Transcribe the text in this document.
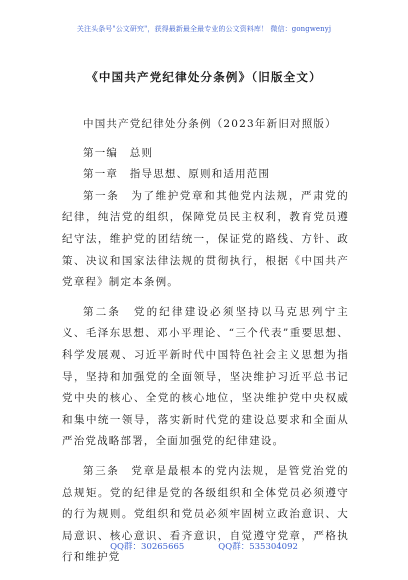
关注头条号"公文研究"，获得最新最全最专业的公文资料库！ 微信：gongwenyj
《中国共产党纪律处分条例》（旧版全文）

中国共产党纪律处分条例（2023年新旧对照版）

第一编　总则

第一章　指导思想、原则和适用范围

第一条　为了维护党章和其他党内法规，严肃党的纪律，纯洁党的组织，保障党员民主权利，教育党员遵纪守法，维护党的团结统一，保证党的路线、方针、政策、决议和国家法律法规的贯彻执行，根据《中国共产党章程》制定本条例。

第二条　党的纪律建设必须坚持以马克思列宁主义、毛泽东思想、邓小平理论、“三个代表”重要思想、科学发展观、习近平新时代中国特色社会主义思想为指导，坚持和加强党的全面领导，坚决维护习近平总书记党中央的核心、全党的核心地位，坚决维护党中央权威和集中统一领导，落实新时代党的建设总要求和全面从严治党战略部署，全面加强党的纪律建设。

第三条　党章是最根本的党内法规，是管党治党的总规矩。党的纪律是党的各级组织和全体党员必须遵守的行为规则。党组织和党员必须牢固树立政治意识、大局意识、核心意识、看齐意识，自觉遵守党章，严格执行和维护党

QQ群：30265665	QQ群：535304092
